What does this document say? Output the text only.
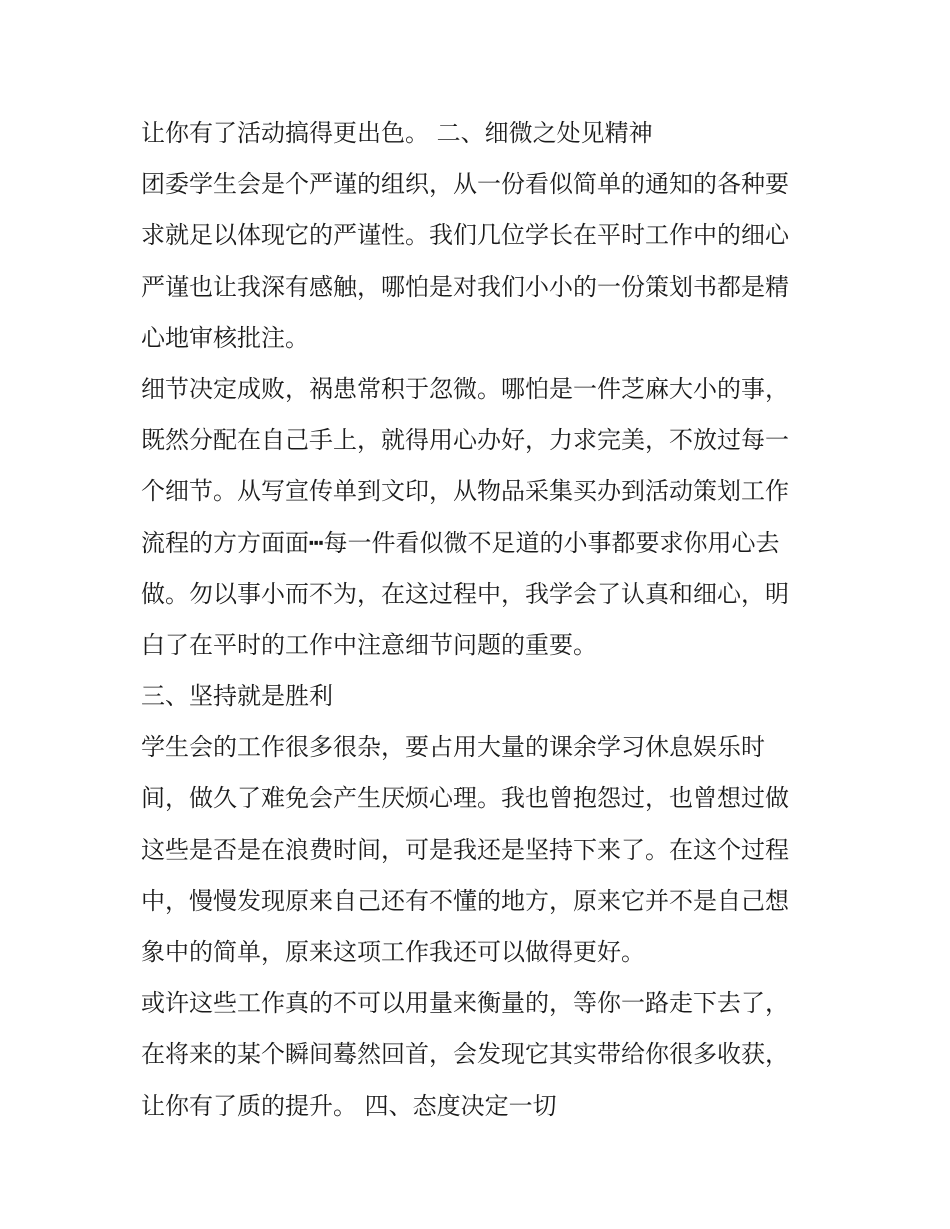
让你有了活动搞得更出色。 二、细微之处见精神

团委学生会是个严谨的组织，从一份看似简单的通知的各种要

求就足以体现它的严谨性。我们几位学长在平时工作中的细心

严谨也让我深有感触，哪怕是对我们小小的一份策划书都是精

心地审核批注。

细节决定成败，祸患常积于忽微。哪怕是一件芝麻大小的事，

既然分配在自己手上，就得用心办好，力求完美，不放过每一

个细节。从写宣传单到文印，从物品采集买办到活动策划工作

流程的方方面面┅每一件看似微不足道的小事都要求你用心去

做。勿以事小而不为，在这过程中，我学会了认真和细心，明

白了在平时的工作中注意细节问题的重要。

三、坚持就是胜利

学生会的工作很多很杂，要占用大量的课余学习休息娱乐时

间，做久了难免会产生厌烦心理。我也曾抱怨过，也曾想过做

这些是否是在浪费时间，可是我还是坚持下来了。在这个过程

中，慢慢发现原来自己还有不懂的地方，原来它并不是自己想

象中的简单，原来这项工作我还可以做得更好。

或许这些工作真的不可以用量来衡量的，等你一路走下去了，

在将来的某个瞬间蓦然回首，会发现它其实带给你很多收获，

让你有了质的提升。 四、态度决定一切
